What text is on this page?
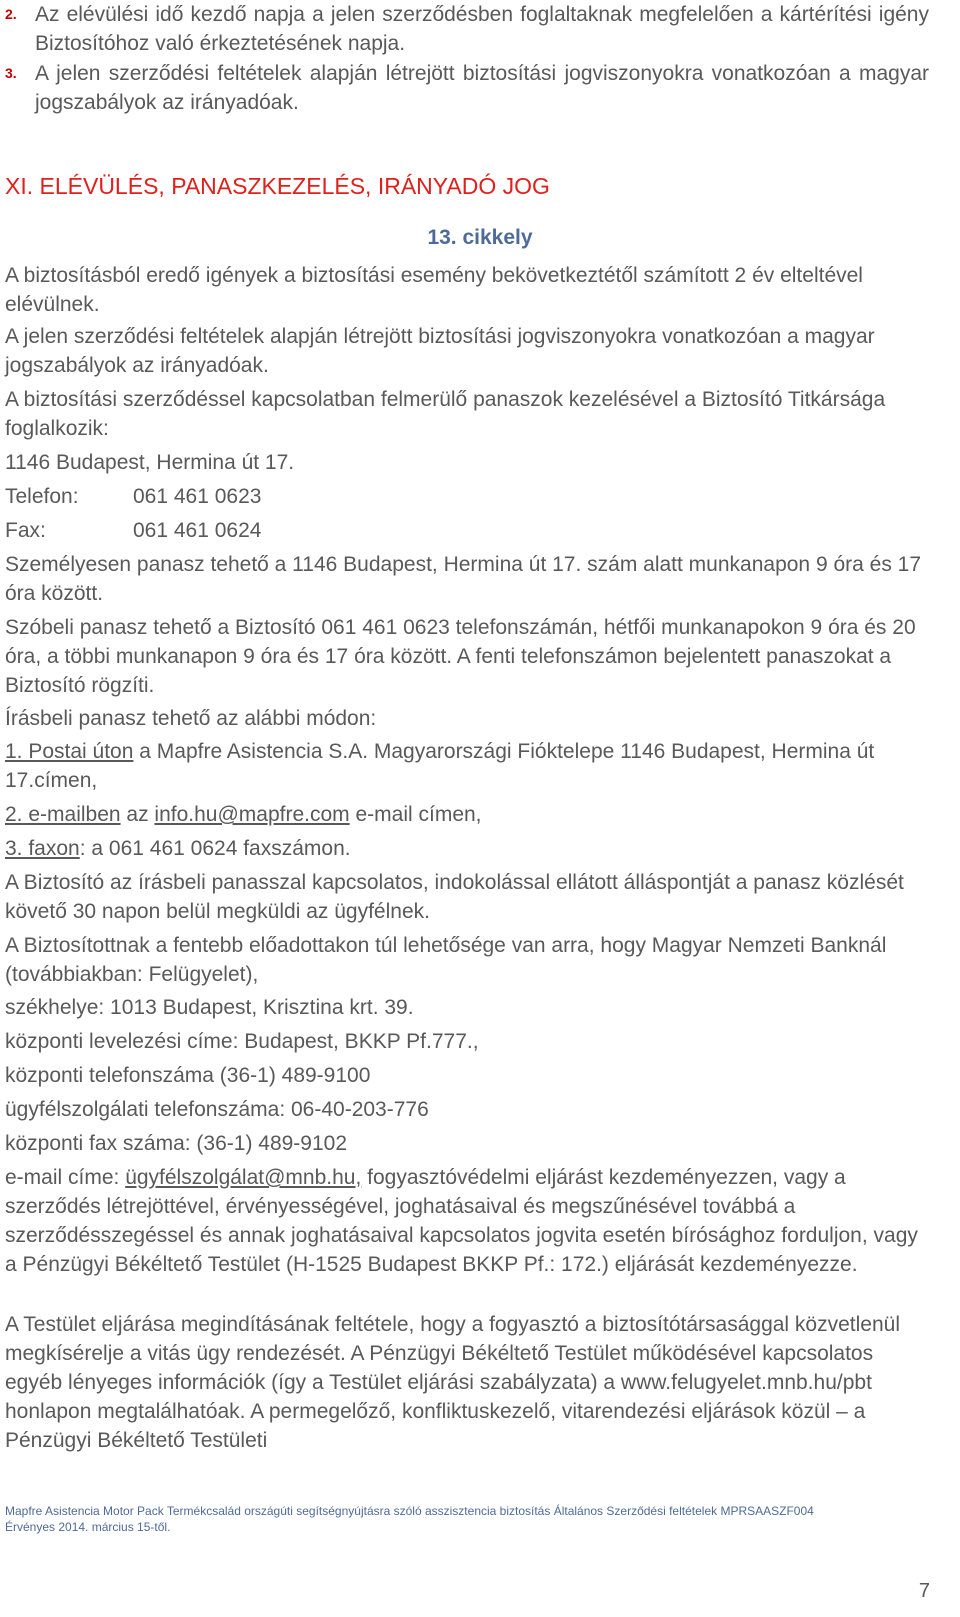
2. Az elévülési idő kezdő napja a jelen szerződésben foglaltaknak megfelelően a kártérítési igény Biztosítóhoz való érkeztetésének napja.
3. A jelen szerződési feltételek alapján létrejött biztosítási jogviszonyokra vonatkozóan a magyar jogszabályok az irányadóak.
XI. ELÉVÜLÉS, PANASZKEZELÉS, IRÁNYADÓ JOG
13. cikkely
A biztosításból eredő igények a biztosítási esemény bekövetkeztétől számított 2 év elteltével elévülnek.
A jelen szerződési feltételek alapján létrejött biztosítási jogviszonyokra vonatkozóan a magyar jogszabályok az irányadóak.
A biztosítási szerződéssel kapcsolatban felmerülő panaszok kezelésével a Biztosító Titkársága foglalkozik:
1146 Budapest, Hermina út 17.
Telefon:	061 461 0623
Fax:	061 461 0624
Személyesen panasz tehető a 1146 Budapest, Hermina út 17. szám alatt munkanapon 9 óra és 17 óra között.
Szóbeli panasz tehető a Biztosító 061 461 0623 telefonszámán, hétfői munkanapokon 9 óra és 20 óra, a többi munkanapon 9 óra és 17 óra között. A fenti telefonszámon bejelentett panaszokat a Biztosító rögzíti.
Írásbeli panasz tehető az alábbi módon:
1. Postai úton a Mapfre Asistencia S.A. Magyarországi Fióktelepe 1146 Budapest, Hermina út 17.címen,
2. e-mailben az info.hu@mapfre.com e-mail címen,
3. faxon: a 061 461 0624 faxszámon.
A Biztosító az írásbeli panasszal kapcsolatos, indokolással ellátott álláspontját a panasz közlését követő 30 napon belül megküldi az ügyfélnek.
A Biztosítottnak a fentebb előadottakon túl lehetősége van arra, hogy Magyar Nemzeti Banknál (továbbiakban: Felügyelet),
székhelye: 1013 Budapest, Krisztina krt. 39.
központi levelezési címe: Budapest, BKKP Pf.777.,
központi telefonszáma (36-1) 489-9100
ügyfélszolgálati telefonszáma: 06-40-203-776
központi fax száma: (36-1) 489-9102
e-mail címe: ügyfélszolgálat@mnb.hu, fogyasztóvédelmi eljárást kezdeményezzen, vagy a szerződés létrejöttével, érvényességével, joghatásaival és megszűnésével továbbá a szerződésszegéssel és annak joghatásaival kapcsolatos jogvita esetén bírósághoz forduljon, vagy a Pénzügyi Békéltető Testület (H-1525 Budapest BKKP Pf.: 172.) eljárását kezdeményezze.
A Testület eljárása megindításának feltétele, hogy a fogyasztó a biztosítótársasággal közvetlenül megkísérelje a vitás ügy rendezését. A Pénzügyi Békéltető Testület működésével kapcsolatos egyéb lényeges információk (így a Testület eljárási szabályzata) a www.felugyelet.mnb.hu/pbt honlapon megtalálhatóak. A permegelőző, konfliktuskezelő, vitarendezési eljárások közül – a Pénzügyi Békéltető Testületi
Mapfre Asistencia Motor Pack Termékcsalád országúti segítségnyújtásra szóló asszisztencia biztosítás Általános Szerződési feltételek MPRSAASZF004
Érvényes 2014. március 15-től.
7
